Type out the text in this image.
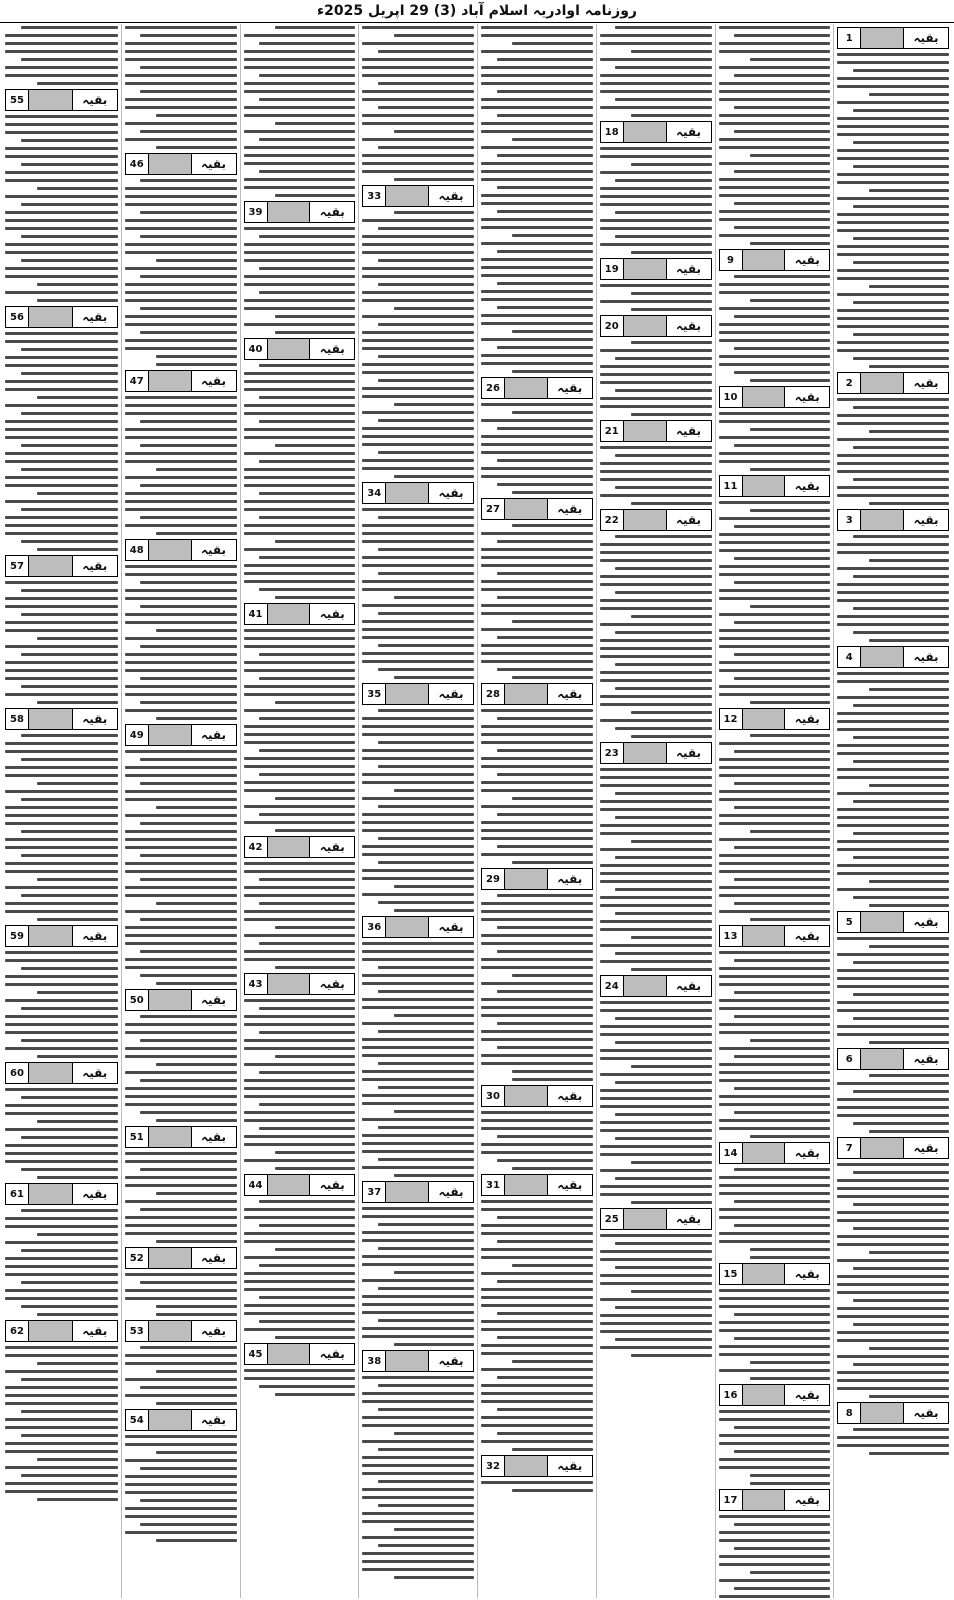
روزنامہ اوادریہ اسلام آباد (3) 29 اپریل 2025ء
بقیہ
1
بقیہ
2
بقیہ
3
بقیہ
4
بقیہ
5
بقیہ
6
بقیہ
7
بقیہ
8
بقیہ
9
بقیہ
10
بقیہ
11
بقیہ
12
بقیہ
13
بقیہ
14
بقیہ
15
بقیہ
16
بقیہ
17
بقیہ
18
بقیہ
19
بقیہ
20
بقیہ
21
بقیہ
22
بقیہ
23
بقیہ
24
بقیہ
25
بقیہ
26
بقیہ
27
بقیہ
28
بقیہ
29
بقیہ
30
بقیہ
31
بقیہ
32
بقیہ
33
بقیہ
34
بقیہ
35
بقیہ
36
بقیہ
37
بقیہ
38
بقیہ
39
بقیہ
40
بقیہ
41
بقیہ
42
بقیہ
43
بقیہ
44
بقیہ
45
بقیہ
46
بقیہ
47
بقیہ
48
بقیہ
49
بقیہ
50
بقیہ
51
بقیہ
52
بقیہ
53
بقیہ
54
بقیہ
55
بقیہ
56
بقیہ
57
بقیہ
58
بقیہ
59
بقیہ
60
بقیہ
61
بقیہ
62
